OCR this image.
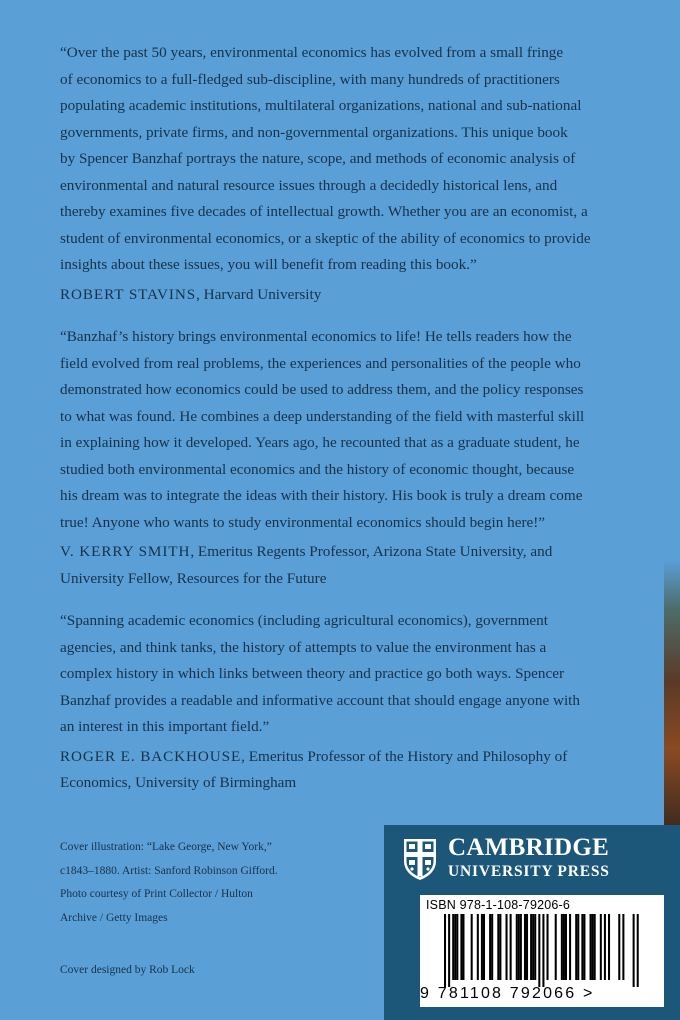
“Over the past 50 years, environmental economics has evolved from a small fringe
of economics to a full-fledged sub-discipline, with many hundreds of practitioners
populating academic institutions, multilateral organizations, national and sub-national
governments, private firms, and non-governmental organizations. This unique book
by Spencer Banzhaf portrays the nature, scope, and methods of economic analysis of
environmental and natural resource issues through a decidedly historical lens, and
thereby examines five decades of intellectual growth. Whether you are an economist, a
student of environmental economics, or a skeptic of the ability of economics to provide
insights about these issues, you will benefit from reading this book.”

ROBERT STAVINS, Harvard University

“Banzhaf’s history brings environmental economics to life! He tells readers how the
field evolved from real problems, the experiences and personalities of the people who
demonstrated how economics could be used to address them, and the policy responses
to what was found. He combines a deep understanding of the field with masterful skill
in explaining how it developed. Years ago, he recounted that as a graduate student, he
studied both environmental economics and the history of economic thought, because
his dream was to integrate the ideas with their history. His book is truly a dream come
true! Anyone who wants to study environmental economics should begin here!”

V. KERRY SMITH, Emeritus Regents Professor, Arizona State University, and
University Fellow, Resources for the Future

“Spanning academic economics (including agricultural economics), government
agencies, and think tanks, the history of attempts to value the environment has a
complex history in which links between theory and practice go both ways. Spencer
Banzhaf provides a readable and informative account that should engage anyone with
an interest in this important field.”

ROGER E. BACKHOUSE, Emeritus Professor of the History and Philosophy of
Economics, University of Birmingham

Cover illustration: “Lake George, New York,”
c1843–1880. Artist: Sanford Robinson Gifford.
Photo courtesy of Print Collector / Hulton
Archive / Getty Images
Cover designed by Rob Lock
CAMBRIDGE
UNIVERSITY PRESS
ISBN 978-1-108-79206-6
9 781108 792066 >
